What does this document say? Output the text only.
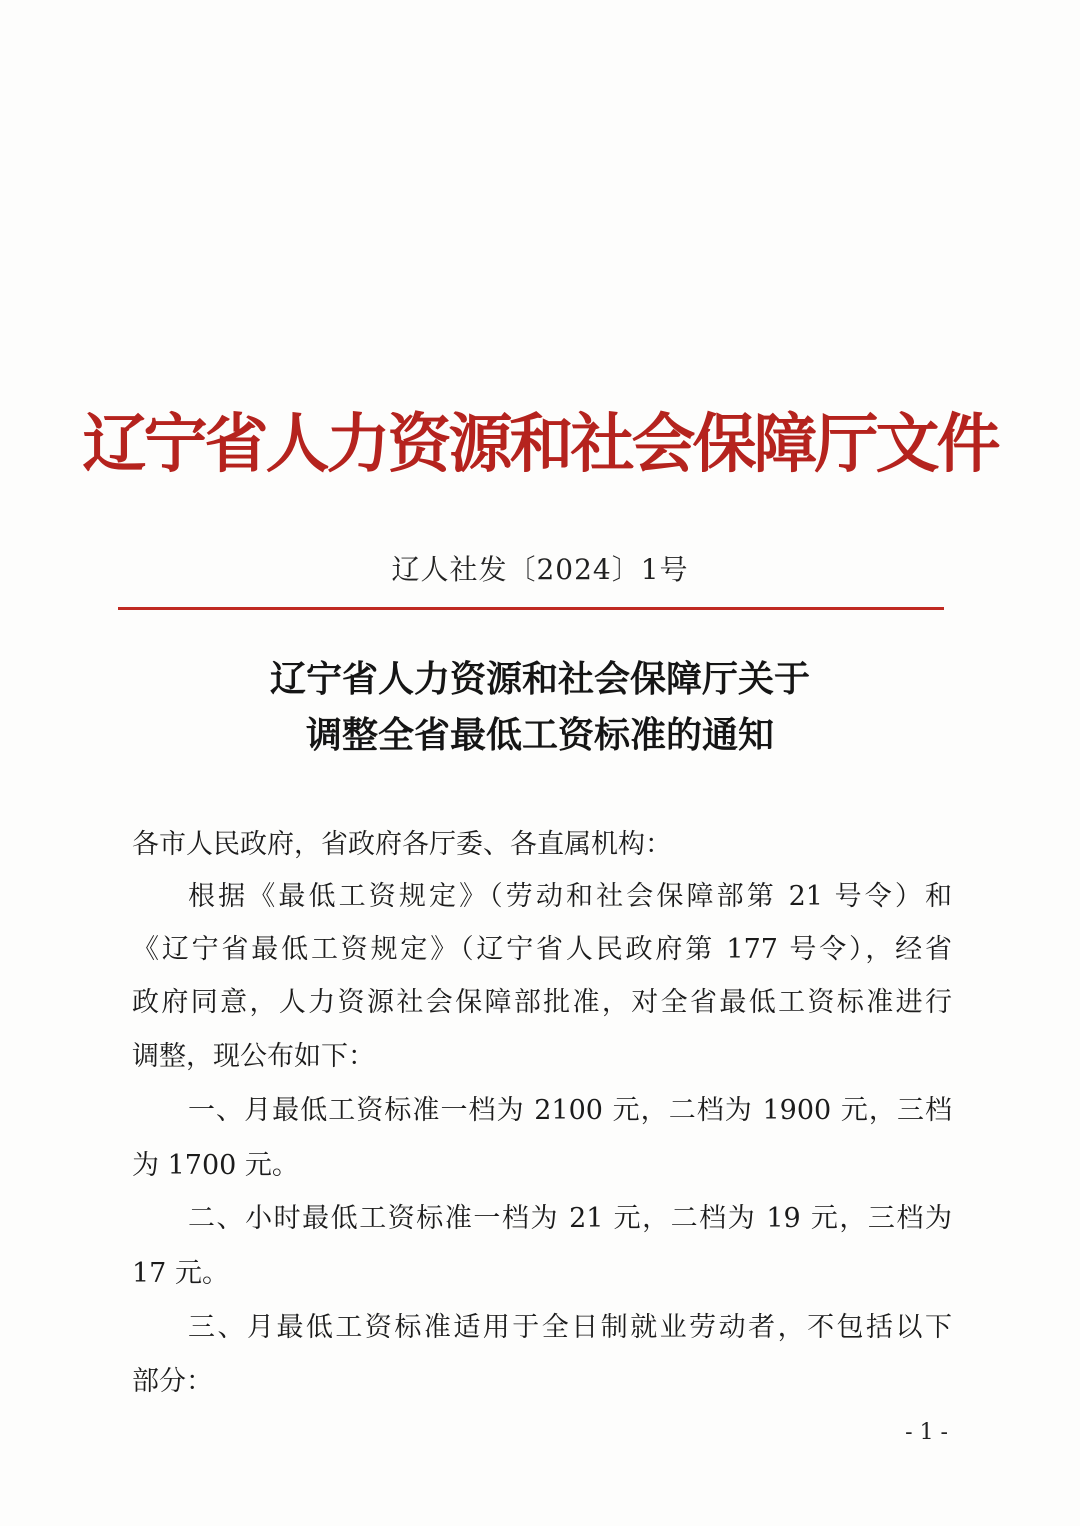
辽宁省人力资源和社会保障厅文件
辽人社发〔2024〕1号
辽宁省人力资源和社会保障厅关于
调整全省最低工资标准的通知
各市人民政府，省政府各厅委、各直属机构：
根据《最低工资规定》（劳动和社会保障部第 21 号令）和
《辽宁省最低工资规定》（辽宁省人民政府第 177 号令），经省
政府同意，人力资源社会保障部批准，对全省最低工资标准进行
调整，现公布如下：
一、月最低工资标准一档为 2100 元，二档为 1900 元，三档
为 1700 元。
二、小时最低工资标准一档为 21 元，二档为 19 元，三档为
17 元。
三、月最低工资标准适用于全日制就业劳动者，不包括以下
部分：
- 1 -
